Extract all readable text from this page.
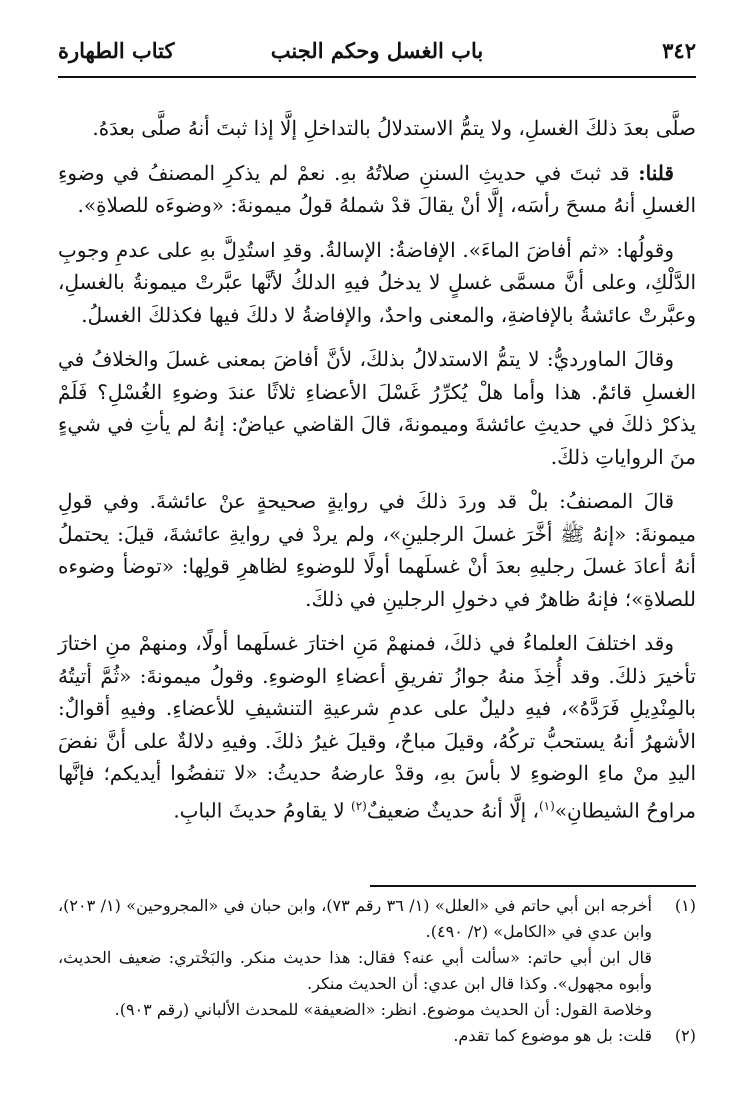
٣٤٢
باب الغسل وحكم الجنب
كتاب الطهارة

صلَّى بعدَ ذلكَ الغسلِ، ولا يتمُّ الاستدلالُ بالتداخلِ إلَّا إذا ثبتَ أنهُ صلَّى بعدَهُ.

قلنا: قد ثبتَ في حديثِ السننِ صلاتُهُ بهِ. نعمْ لم يذكرِ المصنفُ في وضوءِ الغسلِ أنهُ مسحَ رأسَه، إلَّا أنْ يقالَ قدْ شملهُ قولُ ميمونةَ: «وضوءَه للصلاةِ».

وقولُها: «ثم أفاضَ الماءَ». الإفاضةُ: الإسالةُ. وقدِ استُدِلَّ بهِ على عدمِ وجوبِ الدَّلْكِ، وعلى أنَّ مسمَّى غسلٍ لا يدخلُ فيهِ الدلكُ لأنَّها عبَّرتْ ميمونةُ بالغسلِ، وعبَّرتْ عائشةُ بالإفاضةِ، والمعنى واحدٌ، والإفاضةُ لا دلكَ فيها فكذلكَ الغسلُ.

وقالَ الماورديُّ: لا يتمُّ الاستدلالُ بذلكَ، لأنَّ أفاضَ بمعنى غسلَ والخلافُ في الغسلِ قائمٌ. هذا وأما هلْ يُكرِّرُ غَسْلَ الأعضاءِ ثلاثًا عندَ وضوءِ الغُسْلِ؟ فَلَمْ يذكرْ ذلكَ في حديثِ عائشةَ وميمونةَ، قالَ القاضي عياضٌ: إنهُ لم يأتِ في شيءٍ منَ الرواياتِ ذلكَ.

قالَ المصنفُ: بلْ قد وردَ ذلكَ في روايةٍ صحيحةٍ عنْ عائشةَ. وفي قولِ ميمونةَ: «إنهُ ﷺ أخَّرَ غسلَ الرجلينِ»، ولم يردْ في روايةِ عائشةَ، قيلَ: يحتملُ أنهُ أعادَ غسلَ رجليهِ بعدَ أنْ غسلَهما أولًا للوضوءِ لظاهرِ قولِها: «توضأ وضوءه للصلاةِ»؛ فإنهُ ظاهرٌ في دخولِ الرجلينِ في ذلكَ.

وقد اختلفَ العلماءُ في ذلكَ، فمنهمْ مَنِ اختارَ غسلَهما أولًا، ومنهمْ منِ اختارَ تأخيرَ ذلكَ. وقد أُخِذَ منهُ جوازُ تفريقِ أعضاءِ الوضوءِ. وقولُ ميمونةَ: «ثُمَّ أتيتُهُ بالمِنْدِيلِ فَرَدَّهُ»، فيهِ دليلٌ على عدمِ شرعيةِ التنشيفِ للأعضاءِ. وفيهِ أقوالٌ: الأشهرُ أنهُ يستحبُّ تركُهُ، وقيلَ مباحٌ، وقيلَ غيرُ ذلكَ. وفيهِ دلالةٌ على أنَّ نفضَ اليدِ منْ ماءِ الوضوءِ لا بأسَ بهِ، وقدْ عارضهُ حديثُ: «لا تنفضُوا أيديكم؛ فإنَّها مراوحُ الشيطانِ»$^{(١)}$، إلَّا أنهُ حديثٌ ضعيفٌ$^{(٢)}$ لا يقاومُ حديثَ البابِ.

(١)
أخرجه ابن أبي حاتم في «العلل» (١/ ٣٦ رقم ٧٣)، وابن حبان في «المجروحين» (١/ ٢٠٣)، وابن عدي في «الكامل» (٢/ ٤٩٠).
قال ابن أبي حاتم: «سألت أبي عنه؟ فقال: هذا حديث منكر. والبَخْتري: ضعيف الحديث، وأبوه مجهول». وكذا قال ابن عدي: أن الحديث منكر.
وخلاصة القول: أن الحديث موضوع. انظر: «الضعيفة» للمحدث الألباني (رقم ٩٠٣).
(٢)
قلت: بل هو موضوع كما تقدم.
